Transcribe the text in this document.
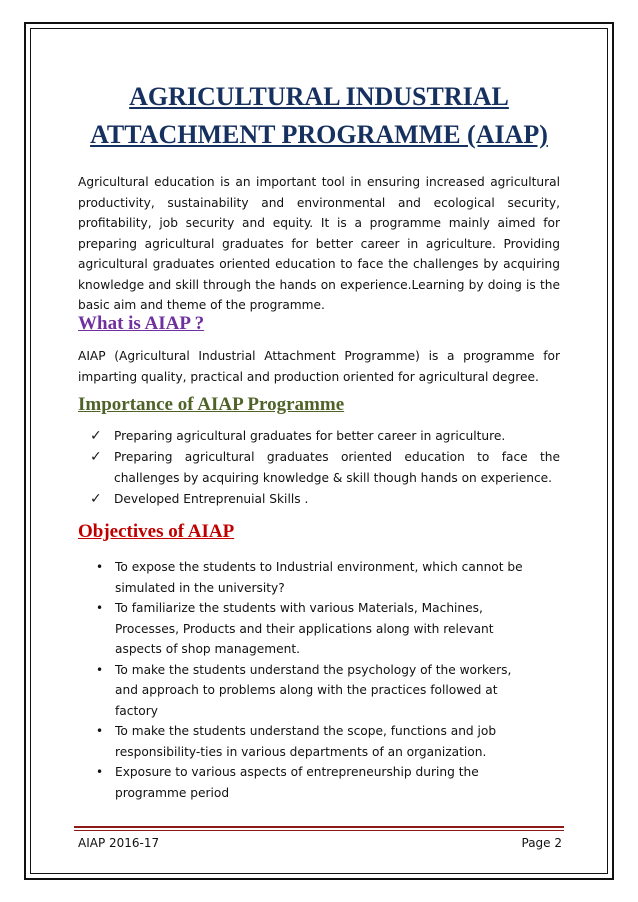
AGRICULTURAL INDUSTRIAL
ATTACHMENT PROGRAMME (AIAP)
Agricultural education is an important tool in ensuring increased agricultural productivity, sustainability and environmental and ecological security, profitability, job security and equity. It is a programme mainly aimed for preparing agricultural graduates for better career in agriculture. Providing agricultural graduates oriented education to face the challenges by acquiring knowledge and skill through the hands on experience.Learning by doing is the basic aim and theme of the programme.
What is AIAP ?
AIAP (Agricultural Industrial Attachment Programme) is a programme for imparting quality, practical and production oriented for agricultural degree.
Importance of AIAP Programme
✓ Preparing agricultural graduates for better career in agriculture.
✓ Preparing agricultural graduates oriented education to face the challenges by acquiring knowledge & skill though hands on experience.
✓ Developed Entreprenuial Skills .
Objectives of AIAP
• To expose the students to Industrial environment, which cannot be simulated in the university?
• To familiarize the students with various Materials, Machines, Processes, Products and their applications along with relevant aspects of shop management.
• To make the students understand the psychology of the workers, and approach to problems along with the practices followed at factory
• To make the students understand the scope, functions and job responsibility-ties in various departments of an organization.
• Exposure to various aspects of entrepreneurship during the programme period
AIAP 2016-17	Page 2
